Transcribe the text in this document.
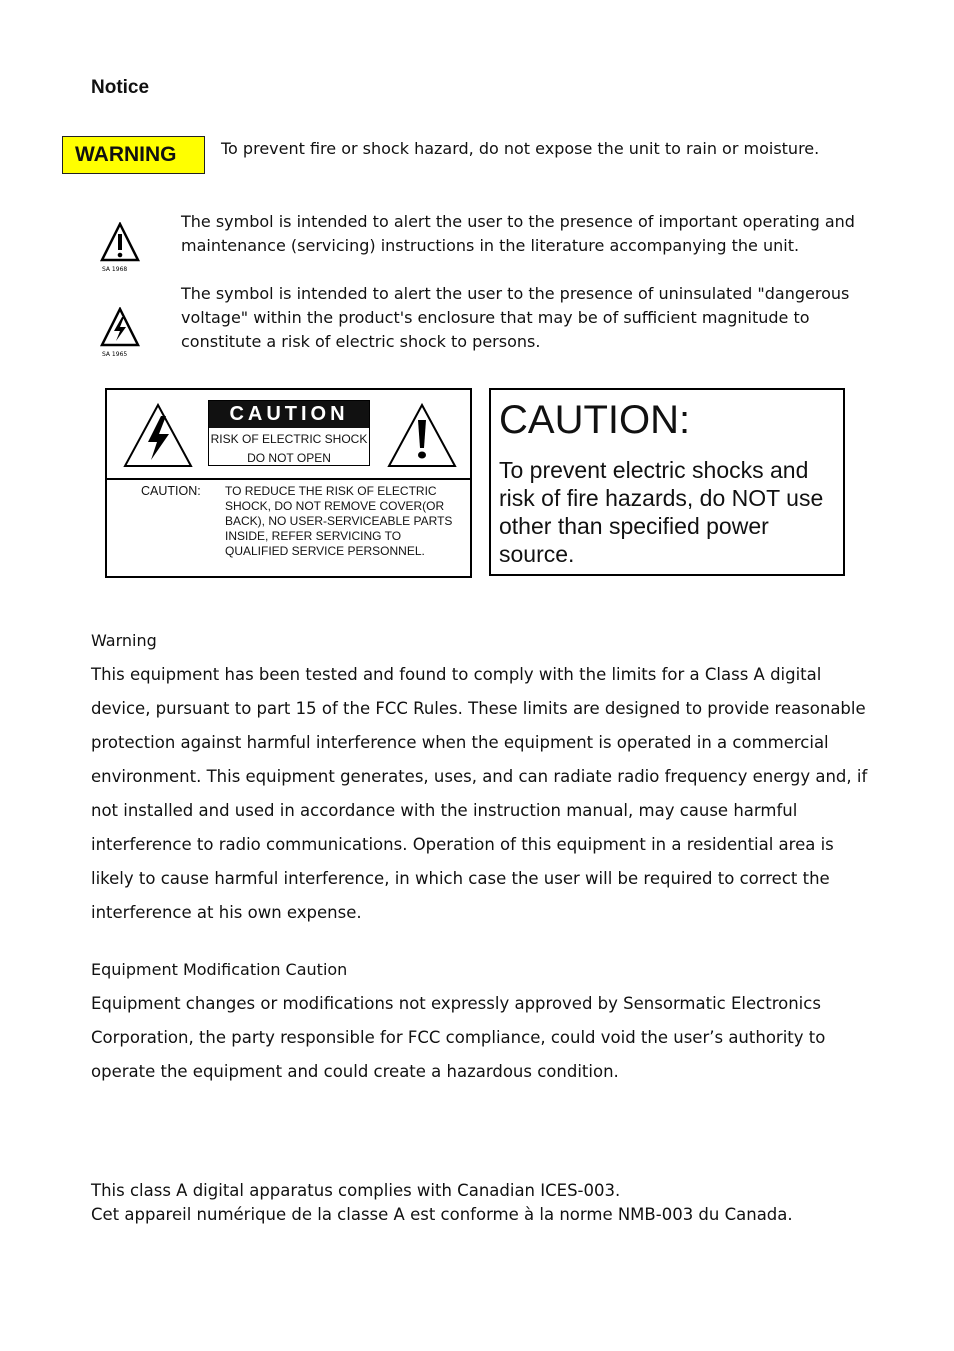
Notice
WARNING	To prevent fire or shock hazard, do not expose the unit to rain or moisture.
SA 1968
The symbol is intended to alert the user to the presence of important operating and maintenance (servicing) instructions in the literature accompanying the unit.
SA 1965
The symbol is intended to alert the user to the presence of uninsulated "dangerous voltage" within the product's enclosure that may be of sufficient magnitude to constitute a risk of electric shock to persons.
CAUTION
RISK OF ELECTRIC SHOCK
DO NOT OPEN
CAUTION: TO REDUCE THE RISK OF ELECTRIC SHOCK, DO NOT REMOVE COVER(OR BACK), NO USER-SERVICEABLE PARTS INSIDE, REFER SERVICING TO QUALIFIED SERVICE PERSONNEL.
CAUTION:
To prevent electric shocks and risk of fire hazards, do NOT use other than specified power source.
Warning
This equipment has been tested and found to comply with the limits for a Class A digital device, pursuant to part 15 of the FCC Rules. These limits are designed to provide reasonable protection against harmful interference when the equipment is operated in a commercial environment. This equipment generates, uses, and can radiate radio frequency energy and, if not installed and used in accordance with the instruction manual, may cause harmful interference to radio communications. Operation of this equipment in a residential area is likely to cause harmful interference, in which case the user will be required to correct the interference at his own expense.
Equipment Modification Caution
Equipment changes or modifications not expressly approved by Sensormatic Electronics Corporation, the party responsible for FCC compliance, could void the user’s authority to operate the equipment and could create a hazardous condition.
This class A digital apparatus complies with Canadian ICES-003.
Cet appareil numérique de la classe A est conforme à la norme NMB-003 du Canada.
